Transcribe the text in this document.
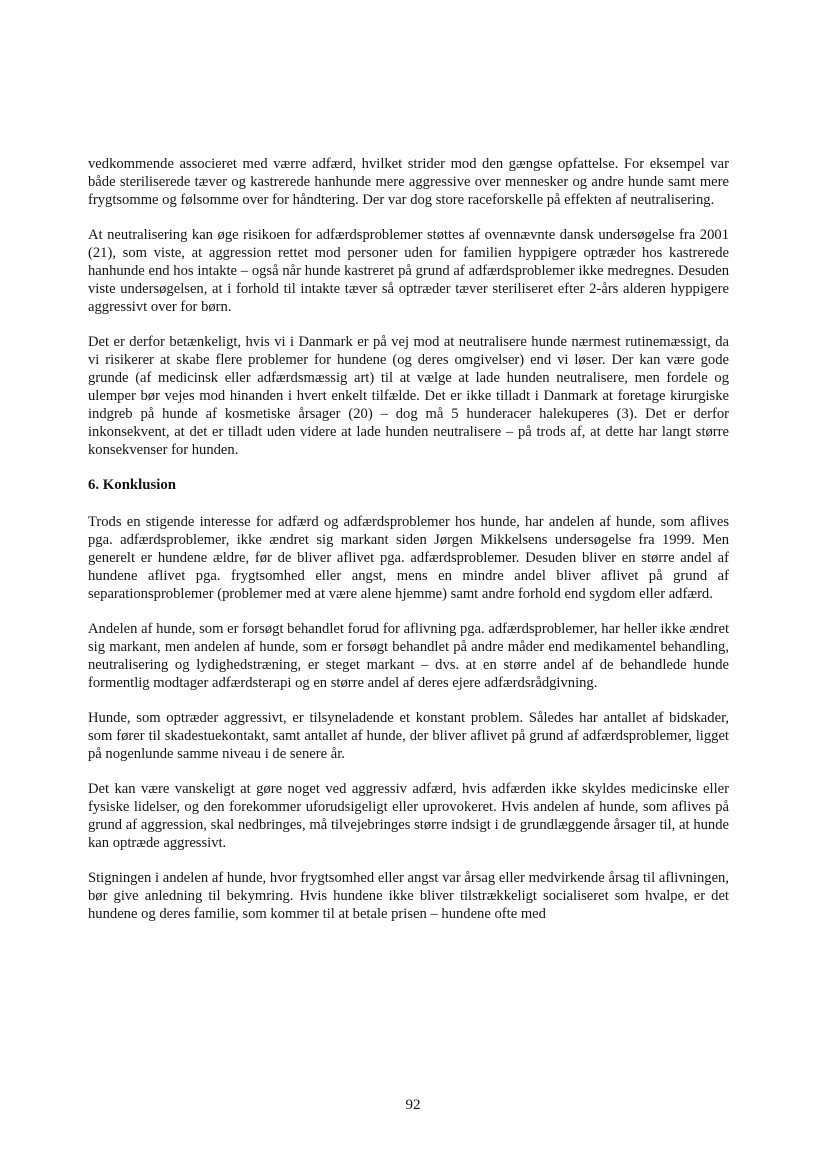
vedkommende associeret med værre adfærd, hvilket strider mod den gængse opfattelse. For eksempel var både steriliserede tæver og kastrerede hanhunde mere aggressive over mennesker og andre hunde samt mere frygtsomme og følsomme over for håndtering. Der var dog store raceforskelle på effekten af neutralisering.

At neutralisering kan øge risikoen for adfærdsproblemer støttes af ovennævnte dansk undersøgelse fra 2001 (21), som viste, at aggression rettet mod personer uden for familien hyppigere optræder hos kastrerede hanhunde end hos intakte – også når hunde kastreret på grund af adfærdsproblemer ikke medregnes. Desuden viste undersøgelsen, at i forhold til intakte tæver så optræder tæver steriliseret efter 2-års alderen hyppigere aggressivt over for børn.

Det er derfor betænkeligt, hvis vi i Danmark er på vej mod at neutralisere hunde nærmest rutinemæssigt, da vi risikerer at skabe flere problemer for hundene (og deres omgivelser) end vi løser. Der kan være gode grunde (af medicinsk eller adfærdsmæssig art) til at vælge at lade hunden neutralisere, men fordele og ulemper bør vejes mod hinanden i hvert enkelt tilfælde. Det er ikke tilladt i Danmark at foretage kirurgiske indgreb på hunde af kosmetiske årsager (20) – dog må 5 hunderacer halekuperes (3). Det er derfor inkonsekvent, at det er tilladt uden videre at lade hunden neutralisere – på trods af, at dette har langt større konsekvenser for hunden.

6. Konklusion

Trods en stigende interesse for adfærd og adfærdsproblemer hos hunde, har andelen af hunde, som aflives pga. adfærdsproblemer, ikke ændret sig markant siden Jørgen Mikkelsens undersøgelse fra 1999. Men generelt er hundene ældre, før de bliver aflivet pga. adfærdsproblemer. Desuden bliver en større andel af hundene aflivet pga. frygtsomhed eller angst, mens en mindre andel bliver aflivet på grund af separationsproblemer (problemer med at være alene hjemme) samt andre forhold end sygdom eller adfærd.

Andelen af hunde, som er forsøgt behandlet forud for aflivning pga. adfærdsproblemer, har heller ikke ændret sig markant, men andelen af hunde, som er forsøgt behandlet på andre måder end medikamentel behandling, neutralisering og lydighedstræning, er steget markant – dvs. at en større andel af de behandlede hunde formentlig modtager adfærdsterapi og en større andel af deres ejere adfærdsrådgivning.

Hunde, som optræder aggressivt, er tilsyneladende et konstant problem. Således har antallet af bidskader, som fører til skadestuekontakt, samt antallet af hunde, der bliver aflivet på grund af adfærdsproblemer, ligget på nogenlunde samme niveau i de senere år.

Det kan være vanskeligt at gøre noget ved aggressiv adfærd, hvis adfærden ikke skyldes medicinske eller fysiske lidelser, og den forekommer uforudsigeligt eller uprovokeret. Hvis andelen af hunde, som aflives på grund af aggression, skal nedbringes, må tilvejebringes større indsigt i de grundlæggende årsager til, at hunde kan optræde aggressivt.

Stigningen i andelen af hunde, hvor frygtsomhed eller angst var årsag eller medvirkende årsag til aflivningen, bør give anledning til bekymring. Hvis hundene ikke bliver tilstrækkeligt socialiseret som hvalpe, er det hundene og deres familie, som kommer til at betale prisen – hundene ofte med

92
